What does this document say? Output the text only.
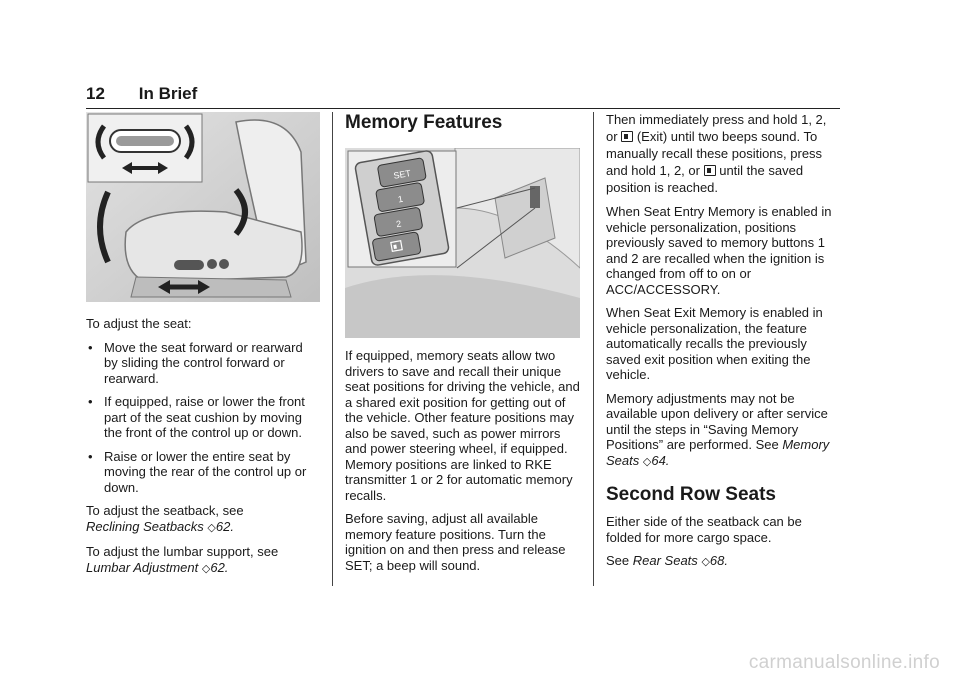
12 In Brief

To adjust the seat:

• Move the seat forward or rearward by sliding the control forward or rearward.
• If equipped, raise or lower the front part of the seat cushion by moving the front of the control up or down.
• Raise or lower the entire seat by moving the rear of the control up or down.

To adjust the seatback, see
Reclining Seatbacks ◇62.

To adjust the lumbar support, see
Lumbar Adjustment ◇62.

Memory Features
SET
1
2

If equipped, memory seats allow two drivers to save and recall their unique seat positions for driving the vehicle, and a shared exit position for getting out of the vehicle. Other feature positions may also be saved, such as power mirrors and power steering wheel, if equipped. Memory positions are linked to RKE transmitter 1 or 2 for automatic memory recalls.

Before saving, adjust all available memory feature positions. Turn the ignition on and then press and release SET; a beep will sound.

Then immediately press and hold 1, 2, or (Exit) until two beeps sound. To manually recall these positions, press and hold 1, 2, or until the saved position is reached.

When Seat Entry Memory is enabled in vehicle personalization, positions previously saved to memory buttons 1 and 2 are recalled when the ignition is changed from off to on or ACC/ACCESSORY.

When Seat Exit Memory is enabled in vehicle personalization, the feature automatically recalls the previously saved exit position when exiting the vehicle.

Memory adjustments may not be available upon delivery or after service until the steps in “Saving Memory Positions” are performed. See Memory Seats ◇64.

Second Row Seats

Either side of the seatback can be folded for more cargo space.

See Rear Seats ◇68.

carmanualsonline.info
